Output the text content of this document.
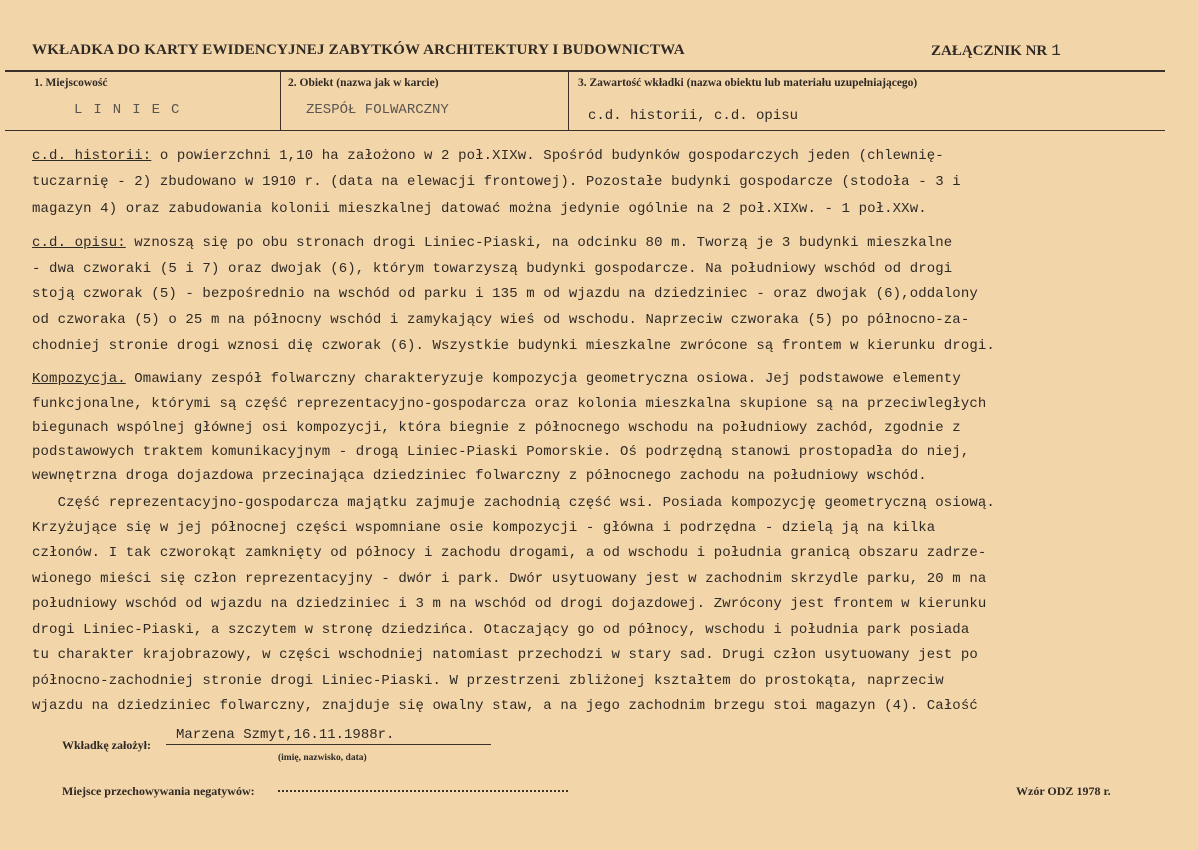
WKŁADKA DO KARTY EWIDENCYJNEJ ZABYTKÓW ARCHITEKTURY I BUDOWNICTWA	ZAŁĄCZNIK NR 1
1. Miejscowość	2. Obiekt (nazwa jak w karcie)	3. Zawartość wkładki (nazwa obiektu lub materiału uzupełniającego)
LINIEC	ZESPÓŁ FOLWARCZNY	c.d. historii, c.d. opisu
c.d. historii: o powierzchni 1,10 ha założono w 2 poł.XIXw. Spośród budynków gospodarczych jeden (chlewnię-
tuczarnię - 2) zbudowano w 1910 r. (data na elewacji frontowej). Pozostałe budynki gospodarcze (stodoła - 3 i
magazyn 4) oraz zabudowania kolonii mieszkalnej datować można jedynie ogólnie na 2 poł.XIXw. - 1 poł.XXw.
c.d. opisu: wznoszą się po obu stronach drogi Liniec-Piaski, na odcinku 80 m. Tworzą je 3 budynki mieszkalne
- dwa czworaki (5 i 7) oraz dwojak (6), którym towarzyszą budynki gospodarcze. Na południowy wschód od drogi
stoją czworak (5) - bezpośrednio na wschód od parku i 135 m od wjazdu na dziedziniec - oraz dwojak (6),oddalony
od czworaka (5) o 25 m na północny wschód i zamykający wieś od wschodu. Naprzeciw czworaka (5) po północno-za-
chodniej stronie drogi wznosi dię czworak (6). Wszystkie budynki mieszkalne zwrócone są frontem w kierunku drogi.
Kompozycja. Omawiany zespół folwarczny charakteryzuje kompozycja geometryczna osiowa. Jej podstawowe elementy
funkcjonalne, którymi są część reprezentacyjno-gospodarcza oraz kolonia mieszkalna skupione są na przeciwległych
biegunach wspólnej głównej osi kompozycji, która biegnie z północnego wschodu na południowy zachód, zgodnie z
podstawowych traktem komunikacyjnym - drogą Liniec-Piaski Pomorskie. Oś podrzędną stanowi prostopadła do niej,
wewnętrzna droga dojazdowa przecinająca dziedziniec folwarczny z północnego zachodu na południowy wschód.
Część reprezentacyjno-gospodarcza majątku zajmuje zachodnią część wsi. Posiada kompozycję geometryczną osiową.
Krzyżujące się w jej północnej części wspomniane osie kompozycji - główna i podrzędna - dzielą ją na kilka
członów. I tak czworokąt zamknięty od północy i zachodu drogami, a od wschodu i południa granicą obszaru zadrze-
wionego mieści się człon reprezentacyjny - dwór i park. Dwór usytuowany jest w zachodnim skrzydle parku, 20 m na
południowy wschód od wjazdu na dziedziniec i 3 m na wschód od drogi dojazdowej. Zwrócony jest frontem w kierunku
drogi Liniec-Piaski, a szczytem w stronę dziedzińca. Otaczający go od północy, wschodu i południa park posiada
tu charakter krajobrazowy, w części wschodniej natomiast przechodzi w stary sad. Drugi człon usytuowany jest po
północno-zachodniej stronie drogi Liniec-Piaski. W przestrzeni zbliżonej kształtem do prostokąta, naprzeciw
wjazdu na dziedziniec folwarczny, znajduje się owalny staw, a na jego zachodnim brzegu stoi magazyn (4). Całość
Wkładkę założył:
Marzena Szmyt,16.11.1988r.
(imię, nazwisko, data)
Miejsce przechowywania negatywów:	Wzór ODZ 1978 r.
